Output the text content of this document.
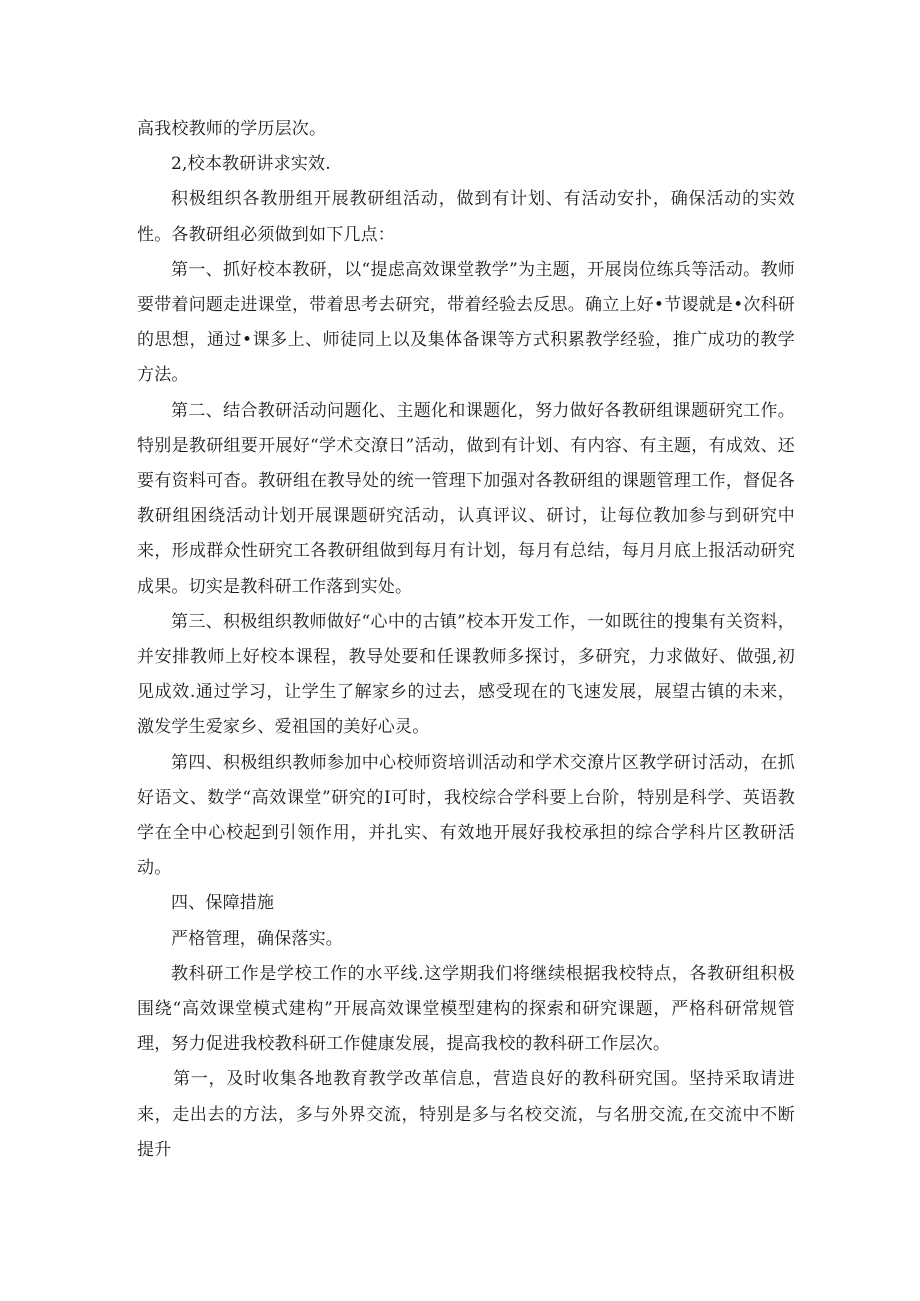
高我校教师的学历层次。

2,校本教研讲求实效.

积极组织各教册组开展教研组活动，做到有计划、有活动安扑，确保活动的实效性。各教研组必须做到如下几点：

第一、抓好校本教研，以“提虑高效课堂教学”为主题，开展岗位练兵等活动。教师要带着问题走进课堂，带着思考去研究，带着经验去反思。确立上好•节谡就是•次科研的思想，通过•课多上、师徒同上以及集体备课等方式积累教学经验，推广成功的教学方法。

第二、结合教研活动问题化、主题化和课题化，努力做好各教研组课题研究工作。特别是教研组要开展好“学术交潦日”活动，做到有计划、有内容、有主题，有成效、还要有资料可杳。教研组在教导处的统一管理下加强对各教研组的课题管理工作，督促各教研组困绕活动计划开展课题研究活动，认真评议、研讨，让每位教加参与到研究中来，形成群众性研究工各教研组做到每月有计划，每月有总结，每月月底上报活动研究成果。切实是教科研工作落到实处。

第三、积极组织教师做好“心中的古镇”校本开发工作，一如既往的搜集有关资料，并安排教师上好校本课程，教导处要和任课教师多探讨，多研究，力求做好、做强,初见成效.通过学习，让学生了解家乡的过去，感受现在的飞速发展，展望古镇的未来，激发学生爱家乡、爱祖国的美好心灵。

第四、积极组织教师参加中心校师资培训活动和学术交潦片区教学研讨活动，在抓好语文、数学“高效课堂”研究的I可时，我校综合学科要上台阶，特别是科学、英语教学在全中心校起到引领作用，并扎实、有效地开展好我校承担的综合学科片区教研活动。

四、保障措施

严格管理，确保落实。

教科研工作是学校工作的水平线.这学期我们将继续根据我校特点，各教研组积极围绕“高效课堂模式建构”开展高效课堂模型建构的探索和研究课题，严格科研常规管理，努力促进我校教科研工作健康发展，提高我校的教科研工作层次。

第一，及时收集各地教育教学改革信息，营造良好的教科研究国。坚持采取请进来，走出去的方法，多与外界交流，特别是多与名校交流，与名册交流,在交流中不断提升
